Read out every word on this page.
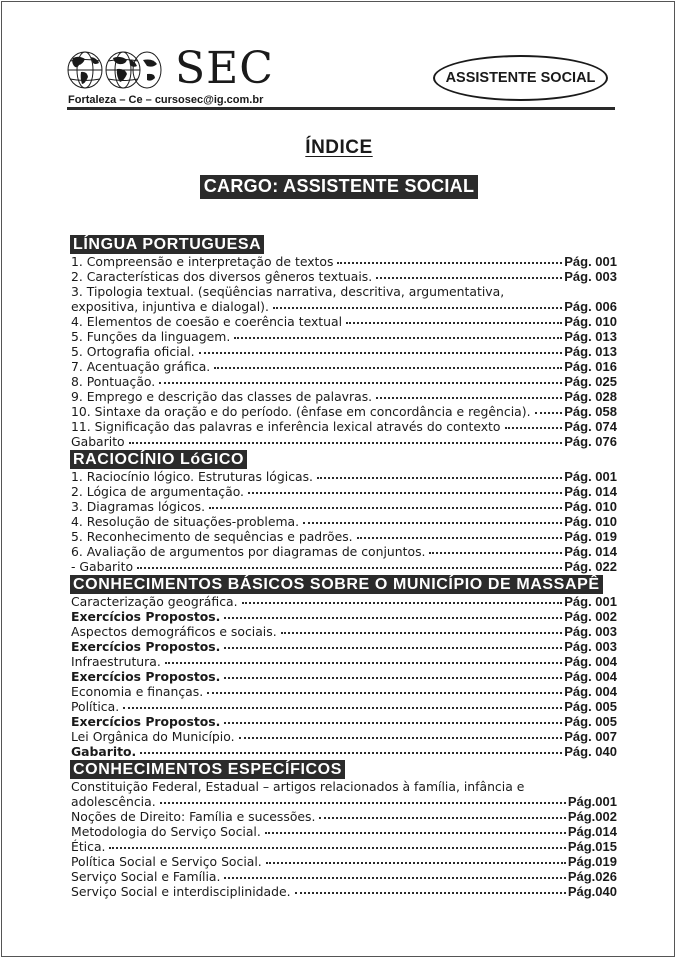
SEC
Fortaleza – Ce – cursosec@ig.com.br
ASSISTENTE SOCIAL
ÍNDICE
CARGO: ASSISTENTE SOCIAL
LÍNGUA PORTUGUESA
1. Compreensão e interpretação de textos	Pág. 001
2. Características dos diversos gêneros textuais.	Pág. 003
3. Tipologia textual. (seqüências narrativa, descritiva, argumentativa,
expositiva, injuntiva e dialogal).	Pág. 006
4. Elementos de coesão e coerência textual	Pág. 010
5. Funções da linguagem.	Pág. 013
5. Ortografia oficial.	Pág. 013
7. Acentuação gráfica.	Pág. 016
8. Pontuação.	Pág. 025
9. Emprego e descrição das classes de palavras.	Pág. 028
10. Sintaxe da oração e do período. (ênfase em concordância e regência).	Pág. 058
11. Significação das palavras e inferência lexical através do contexto	Pág. 074
Gabarito	Pág. 076
RACIOCÍNIO LóGICO
1. Raciocínio lógico. Estruturas lógicas.	Pág. 001
2. Lógica de argumentação.	Pág. 014
3. Diagramas lógicos.	Pág. 010
4. Resolução de situações-problema.	Pág. 010
5. Reconhecimento de sequências e padrões.	Pág. 019
6. Avaliação de argumentos por diagramas de conjuntos.	Pág. 014
- Gabarito	Pág. 022
CONHECIMENTOS BÁSICOS SOBRE O MUNICÍPIO DE MASSAPÊ
Caracterização geográfica.	Pág. 001
Exercícios Propostos.	Pág. 002
Aspectos demográficos e sociais.	Pág. 003
Exercícios Propostos.	Pág. 003
Infraestrutura.	Pág. 004
Exercícios Propostos.	Pág. 004
Economia e finanças.	Pág. 004
Política.	Pág. 005
Exercícios Propostos.	Pág. 005
Lei Orgânica do Município.	Pág. 007
Gabarito.	Pág. 040
CONHECIMENTOS ESPECÍFICOS
Constituição Federal, Estadual – artigos relacionados à família, infância e
adolescência.	Pág.001
Noções de Direito: Família e sucessões.	Pág.002
Metodologia do Serviço Social.	Pág.014
Ética.	Pág.015
Política Social e Serviço Social.	Pág.019
Serviço Social e Família.	Pág.026
Serviço Social e interdisciplinidade.	Pág.040
